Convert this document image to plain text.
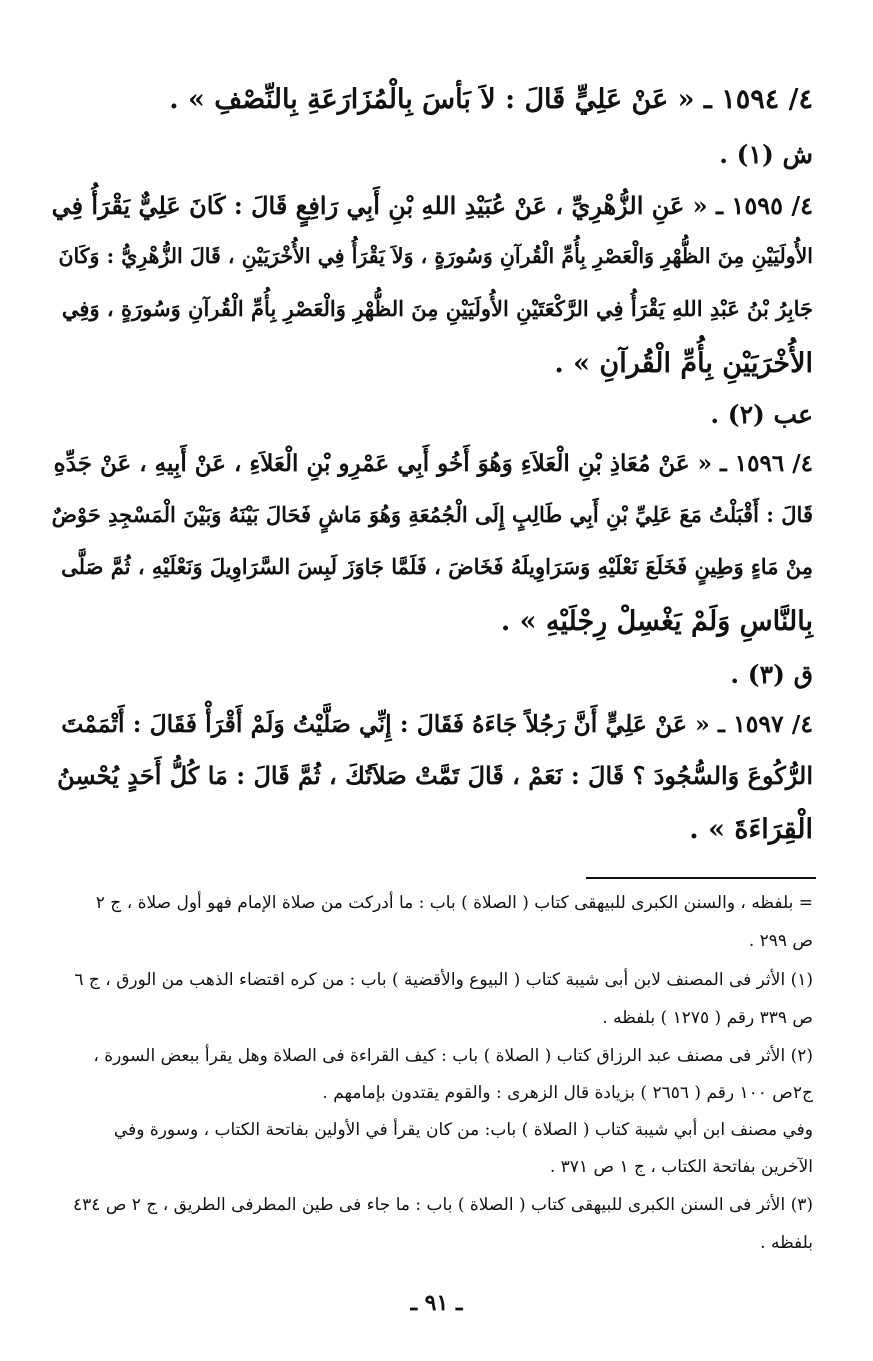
٤/ ١٥٩٤ ـ « عَنْ عَلِيٍّ قَالَ : لاَ بَأسَ بِالْمُزَارَعَةِ بِالنِّصْفِ » .
ش (١) .
٤/ ١٥٩٥ ـ « عَنِ الزُّهْرِيِّ ، عَنْ عُبَيْدِ اللهِ بْنِ أَبِي رَافِعٍ قَالَ : كَانَ عَلِيٌّ يَقْرَأُ فِي
الأُولَيَيْنِ مِنَ الظُّهْرِ وَالْعَصْرِ بِأُمِّ الْقُرآنِ وَسُورَةٍ ، وَلاَ يَقْرَأُ فِي الأُخْرَيَيْنِ ، قَالَ الزُّهْرِيُّ : وَكَانَ
جَابِرُ بْنُ عَبْدِ اللهِ يَقْرَأُ فِي الرَّكْعَتَيْنِ الأُولَيَيْنِ مِنَ الظُّهْرِ وَالْعَصْرِ بِأُمِّ الْقُرآنِ وَسُورَةٍ ، وَفِي
الأُخْرَيَيْنِ بِأُمِّ الْقُرآنِ » .
عب (٢) .
٤/ ١٥٩٦ ـ « عَنْ مُعَاذِ بْنِ الْعَلاَءِ وَهُوَ أَخُو أَبِي عَمْرِو بْنِ الْعَلاَءِ ، عَنْ أَبِيهِ ، عَنْ جَدِّهِ
قَالَ : أَقْبَلْتُ مَعَ عَلِيِّ بْنِ أَبِي طَالِبٍ إِلَى الْجُمُعَةِ وَهُوَ مَاشٍ فَحَالَ بَيْنَهُ وَبَيْنَ الْمَسْجِدِ حَوْضٌ
مِنْ مَاءٍ وَطِينٍ فَخَلَعَ نَعْلَيْهِ وَسَرَاوِيلَهُ فَخَاضَ ، فَلَمَّا جَاوَزَ لَبِسَ السَّرَاوِيلَ وَنَعْلَيْهِ ، ثُمَّ صَلَّى
بِالنَّاسِ وَلَمْ يَغْسِلْ رِجْلَيْهِ » .
ق (٣) .
٤/ ١٥٩٧ ـ « عَنْ عَلِيٍّ أَنَّ رَجُلاً جَاءَهُ فَقَالَ : إِنِّي صَلَّيْتُ وَلَمْ أَقْرَأْ فَقَالَ : أَتْمَمْتَ
الرُّكُوعَ وَالسُّجُودَ ؟ قَالَ : نَعَمْ ، قَالَ تَمَّتْ صَلاَتُكَ ، ثُمَّ قَالَ : مَا كُلُّ أَحَدٍ يُحْسِنُ
الْقِرَاءَةَ » .
= بلفظه ، والسنن الكبرى للبيهقى كتاب ( الصلاة ) باب : ما أدركت من صلاة الإمام فهو أول صلاة ، ج ٢
ص ٢٩٩ .
(١) الأثر فى المصنف لابن أبى شيبة كتاب ( البيوع والأقضية ) باب : من كره اقتضاء الذهب من الورق ، ج ٦
ص ٣٣٩ رقم ( ١٢٧٥ ) بلفظه .
(٢) الأثر فى مصنف عبد الرزاق كتاب ( الصلاة ) باب : كيف القراءة فى الصلاة وهل يقرأ ببعض السورة ،
ج٢ص ١٠٠ رقم ( ٢٦٥٦ ) بزيادة قال الزهرى : والقوم يقتدون بإمامهم .
وفي مصنف ابن أبي شيبة كتاب ( الصلاة ) باب: من كان يقرأ في الأولين بفاتحة الكتاب ، وسورة وفي
الآخرين بفاتحة الكتاب ، ج ١ ص ٣٧١ .
(٣) الأثر فى السنن الكبرى للبيهقى كتاب ( الصلاة ) باب : ما جاء فى طين المطرفى الطريق ، ج ٢ ص ٤٣٤
بلفظه .
ـ ٩١ ـ
